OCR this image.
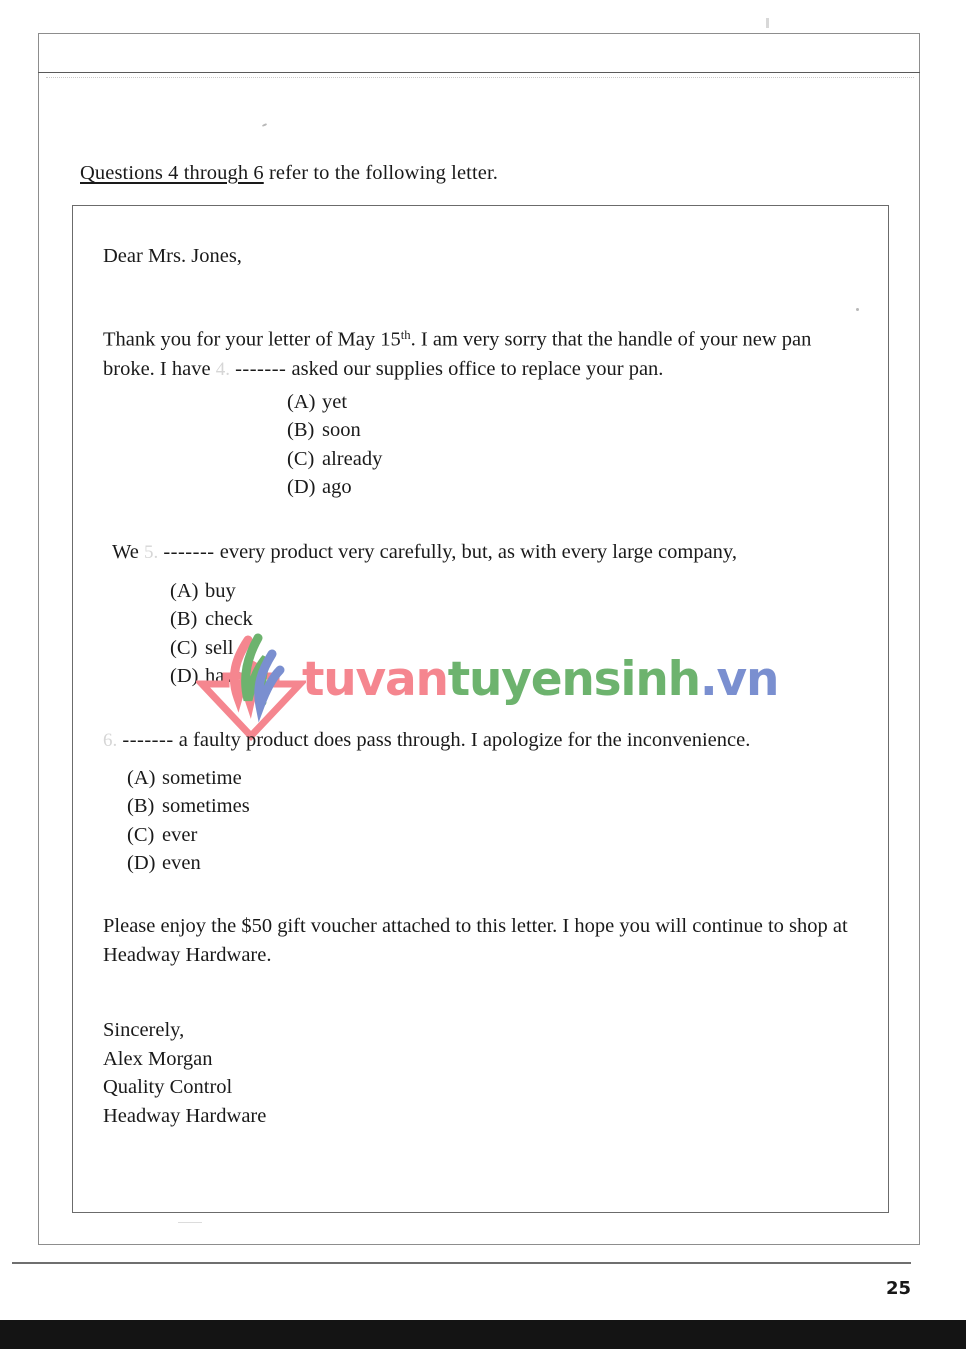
Questions 4 through 6 refer to the following letter.
Dear Mrs. Jones,
Thank you for your letter of May 15th. I am very sorry that the handle of your new pan broke. I have 4. ------- asked our supplies office to replace your pan.
(A) yet
(B) soon
(C) already
(D) ago
We 5. ------- every product very carefully, but, as with every large company,
(A) buy
(B) check
(C) sell
(D) have tuvantuyensinh.vn
6. ------- a faulty product does pass through. I apologize for the inconvenience.
(A) sometime
(B) sometimes
(C) ever
(D) even
Please enjoy the $50 gift voucher attached to this letter. I hope you will continue to shop at Headway Hardware.
Sincerely,
Alex Morgan
Quality Control
Headway Hardware
25
